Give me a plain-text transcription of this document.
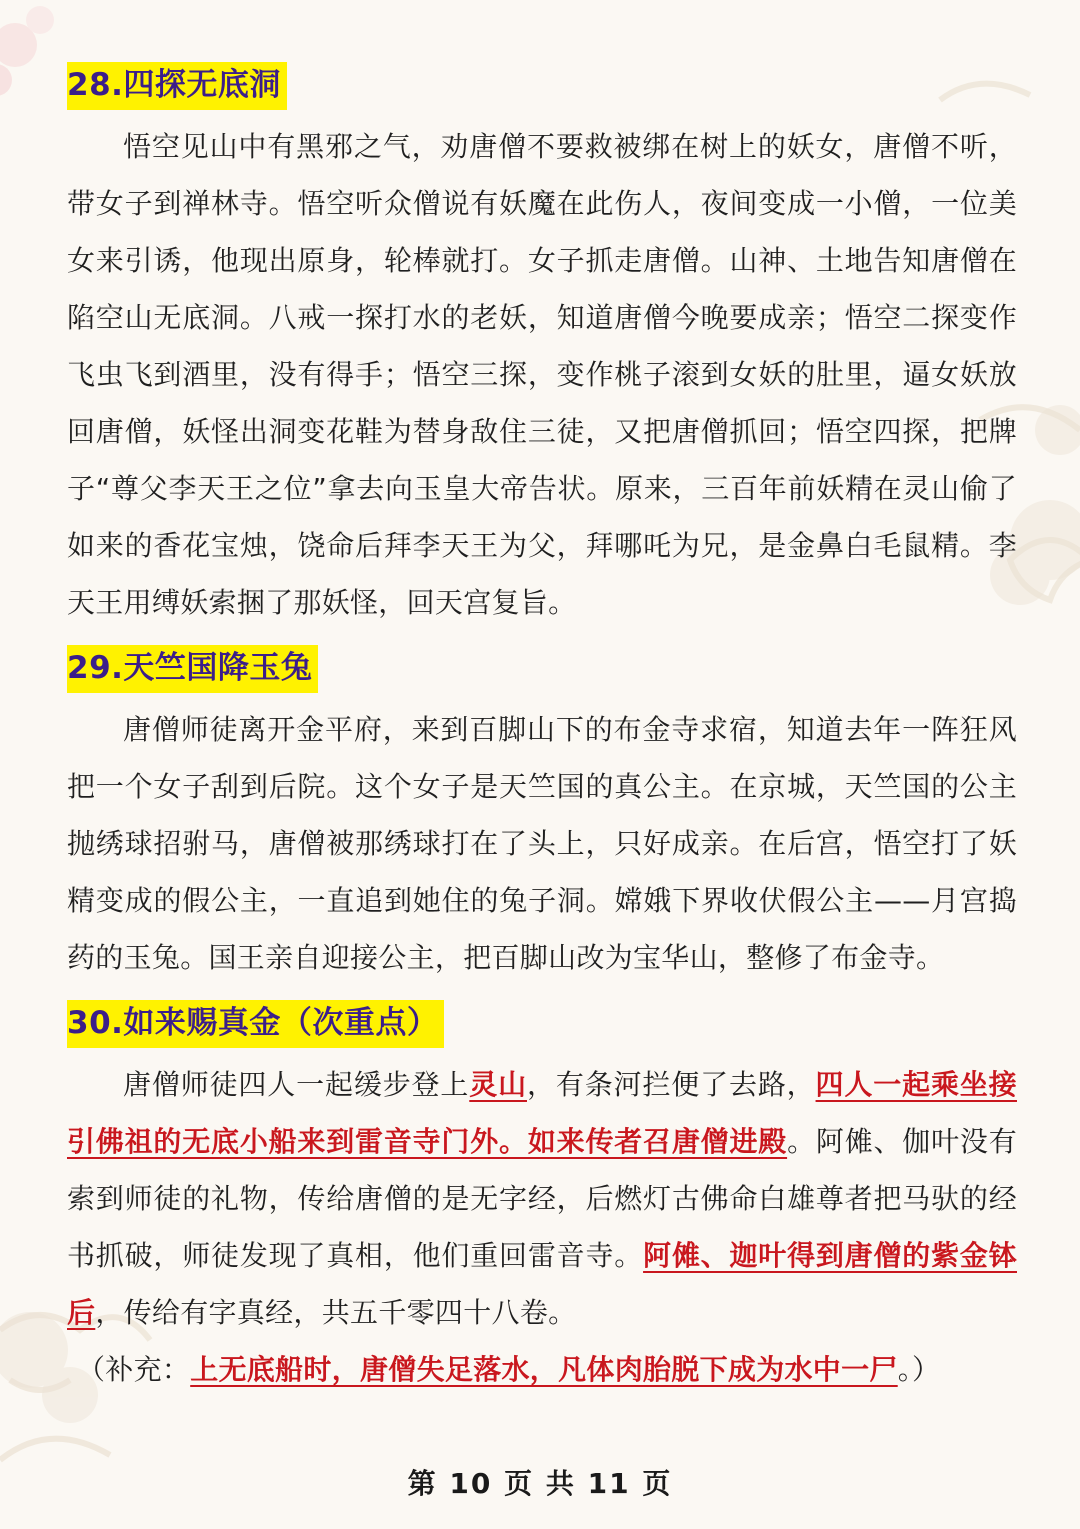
28.四探无底洞

悟空见山中有黑邪之气，劝唐僧不要救被绑在树上的妖女，唐僧不听，带女子到禅林寺。悟空听众僧说有妖魔在此伤人，夜间变成一小僧，一位美女来引诱，他现出原身，轮棒就打。女子抓走唐僧。山神、土地告知唐僧在陷空山无底洞。八戒一探打水的老妖，知道唐僧今晚要成亲；悟空二探变作飞虫飞到酒里，没有得手；悟空三探，变作桃子滚到女妖的肚里，逼女妖放回唐僧，妖怪出洞变花鞋为替身敌住三徒，又把唐僧抓回；悟空四探，把牌子“尊父李天王之位”拿去向玉皇大帝告状。原来，三百年前妖精在灵山偷了如来的香花宝烛，饶命后拜李天王为父，拜哪吒为兄，是金鼻白毛鼠精。李天王用缚妖索捆了那妖怪，回天宫复旨。

29.天竺国降玉兔

唐僧师徒离开金平府，来到百脚山下的布金寺求宿，知道去年一阵狂风把一个女子刮到后院。这个女子是天竺国的真公主。在京城，天竺国的公主抛绣球招驸马，唐僧被那绣球打在了头上，只好成亲。在后宫，悟空打了妖精变成的假公主，一直追到她住的兔子洞。嫦娥下界收伏假公主——月宫捣药的玉兔。国王亲自迎接公主，把百脚山改为宝华山，整修了布金寺。

30.如来赐真金（次重点）

唐僧师徒四人一起缓步登上灵山，有条河拦便了去路，四人一起乘坐接引佛祖的无底小船来到雷音寺门外。如来传者召唐僧进殿。阿傩、伽叶没有索到师徒的礼物，传给唐僧的是无字经，后燃灯古佛命白雄尊者把马驮的经书抓破，师徒发现了真相，他们重回雷音寺。阿傩、迦叶得到唐僧的紫金钵后，传给有字真经，共五千零四十八卷。

（补充：上无底船时，唐僧失足落水，凡体肉胎脱下成为水中一尸。）

第 10 页 共 11 页
